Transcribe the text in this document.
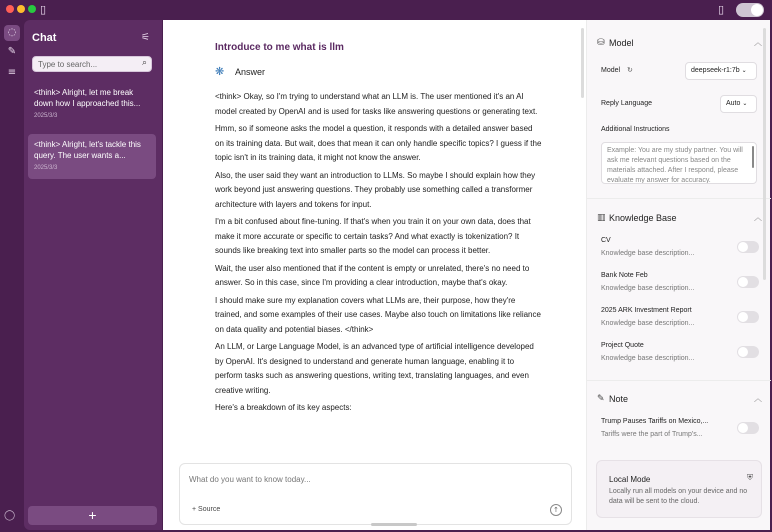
▯	▯
◌
✎
≡
◯
Chat	⚟
Type to search...
⌕
<think> Alright, let me break down how I approached this...
2025/3/3
<think> Alright, let's tackle this query. The user wants a...
2025/3/3
+
Introduce to me what is llm
❋ Answer

<think> Okay, so I'm trying to understand what an LLM is. The user mentioned it's an AI model created by OpenAI and is used for tasks like answering questions or generating text.

Hmm, so if someone asks the model a question, it responds with a detailed answer based on its training data. But wait, does that mean it can only handle specific topics? I guess if the topic isn't in its training data, it might not know the answer.

Also, the user said they want an introduction to LLMs. So maybe I should explain how they work beyond just answering questions. They probably use something called a transformer architecture with layers and tokens for input.

I'm a bit confused about fine-tuning. If that's when you train it on your own data, does that make it more accurate or specific to certain tasks? And what exactly is tokenization? It sounds like breaking text into smaller parts so the model can process it better.

Wait, the user also mentioned that if the content is empty or unrelated, there's no need to answer. So in this case, since I'm providing a clear introduction, maybe that's okay.

I should make sure my explanation covers what LLMs are, their purpose, how they're trained, and some examples of their use cases. Maybe also touch on limitations like reliance on data quality and potential biases. </think>

An LLM, or Large Language Model, is an advanced type of artificial intelligence developed by OpenAI. It's designed to understand and generate human language, enabling it to perform tasks such as answering questions, writing text, translating languages, and even creative writing.

Here's a breakdown of its key aspects:

What do you want to know today...
+ Source	↑
⛁ Model	︿
Model ↻	deepseek-r1:7b ⌄
Reply Language	Auto ⌄
Additional Instructions
Example: You are my study partner. You will ask me relevant questions based on the materials attached. After I respond, please evaluate my answer for accuracy.
▥ Knowledge Base	︿
CV
Knowledge base description...
Bank Note Feb
Knowledge base description...
2025 ARK Investment Report
Knowledge base description...
Project Quote
Knowledge base description...
✎ Note	︿
Trump Pauses Tariffs on Mexico,...
Tariffs were the part of Trump's...
Local Mode	⛨
Locally run all models on your device and no data will be sent to the cloud.
